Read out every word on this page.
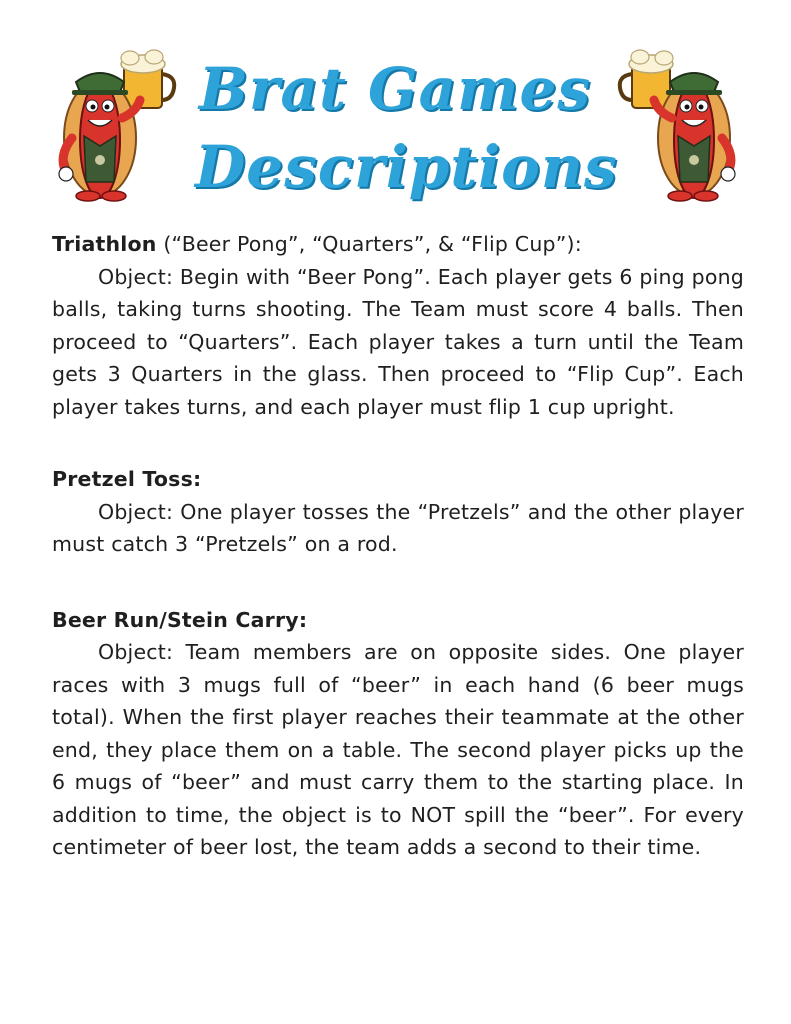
Brat Games
Descriptions

Triathlon (“Beer Pong”, “Quarters”, & “Flip Cup”):

Object: Begin with “Beer Pong”. Each player gets 6 ping pong balls, taking turns shooting. The Team must score 4 balls. Then proceed to “Quarters”. Each player takes a turn until the Team gets 3 Quarters in the glass. Then proceed to “Flip Cup”. Each player takes turns, and each player must flip 1 cup upright.

Pretzel Toss:

Object: One player tosses the “Pretzels” and the other player must catch 3 “Pretzels” on a rod.

Beer Run/Stein Carry:

Object: Team members are on opposite sides. One player races with 3 mugs full of “beer” in each hand (6 beer mugs total). When the first player reaches their teammate at the other end, they place them on a table. The second player picks up the 6 mugs of “beer” and must carry them to the starting place. In addition to time, the object is to NOT spill the “beer”. For every centimeter of beer lost, the team adds a second to their time.
